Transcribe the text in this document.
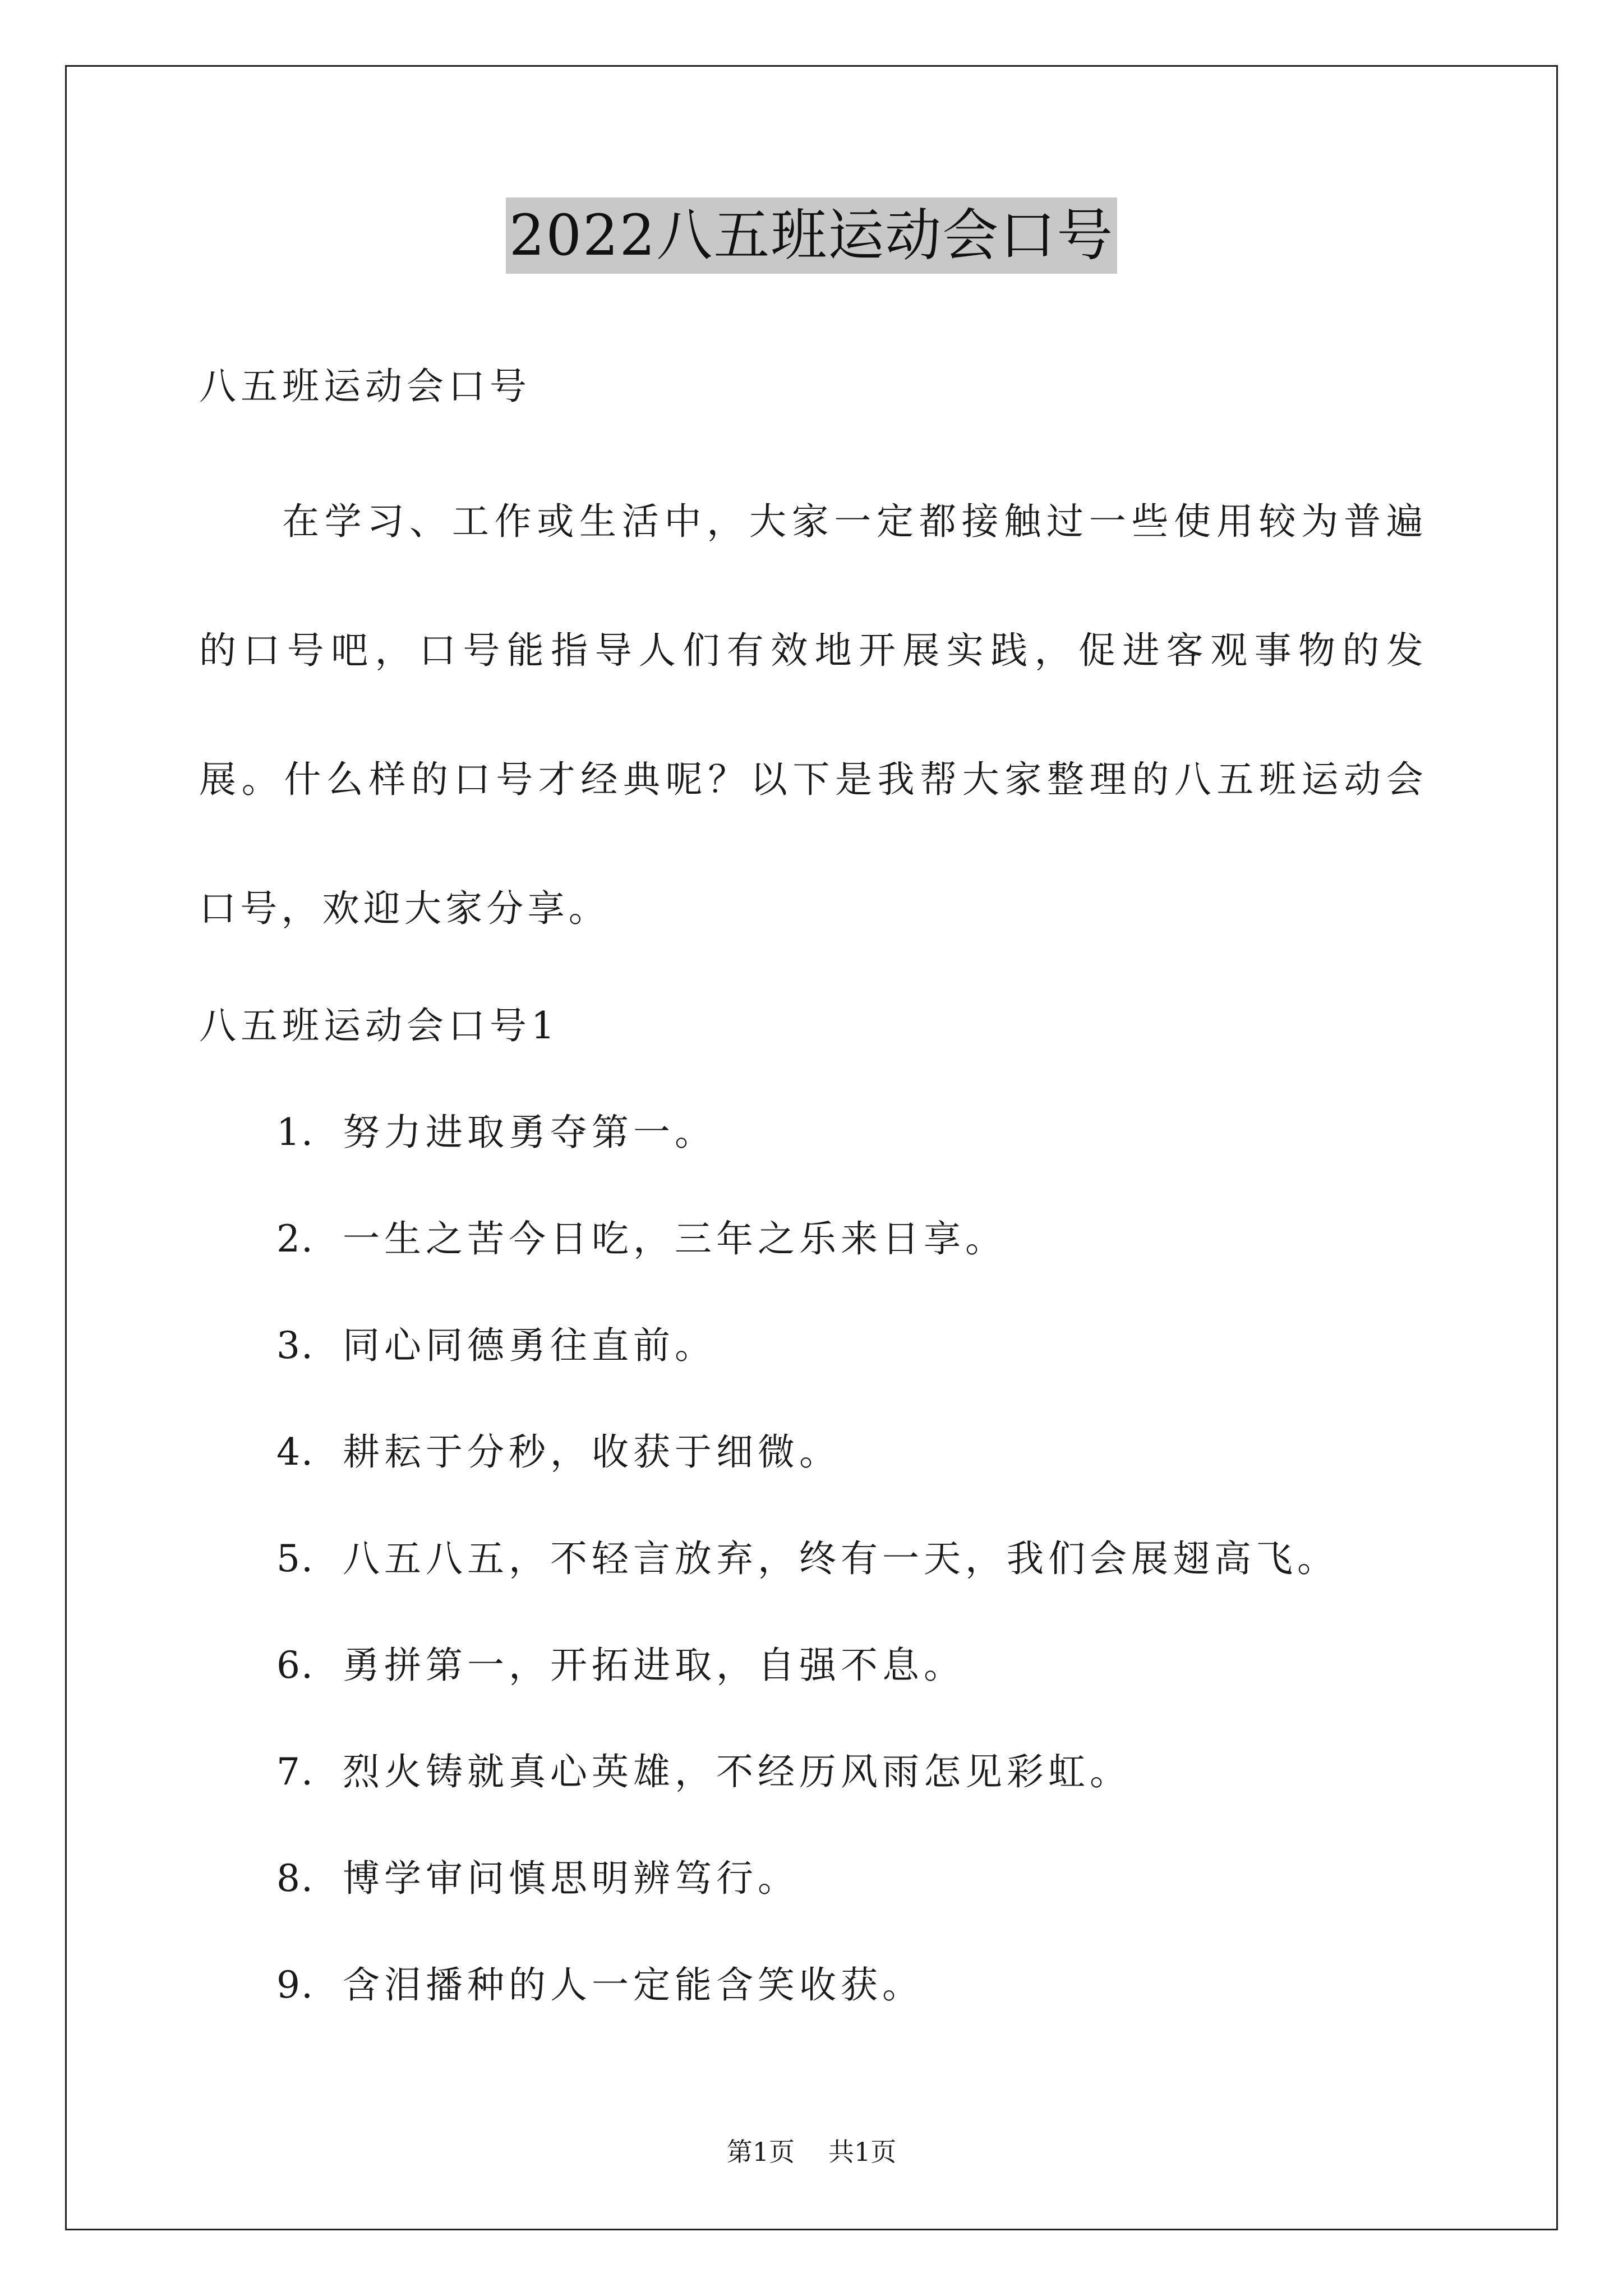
2022八五班运动会口号
八五班运动会口号
在学习、工作或生活中，大家一定都接触过一些使用较为普遍的口号吧，口号能指导人们有效地开展实践，促进客观事物的发展。什么样的口号才经典呢？以下是我帮大家整理的八五班运动会口号，欢迎大家分享。
八五班运动会口号1
1. 努力进取勇夺第一。
2. 一生之苦今日吃，三年之乐来日享。
3. 同心同德勇往直前。
4. 耕耘于分秒，收获于细微。
5. 八五八五，不轻言放弃，终有一天，我们会展翅高飞。
6. 勇拼第一，开拓进取，自强不息。
7. 烈火铸就真心英雄，不经历风雨怎见彩虹。
8. 博学审问慎思明辨笃行。
9. 含泪播种的人一定能含笑收获。
第1页 共1页
